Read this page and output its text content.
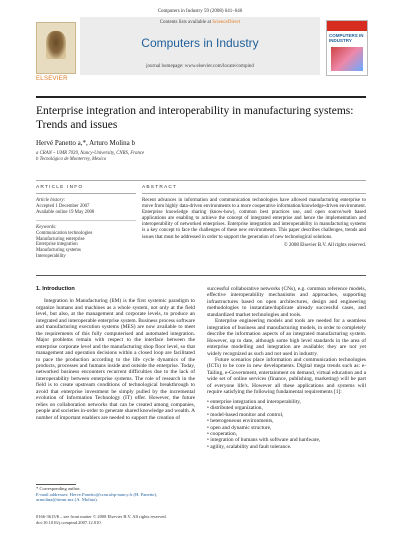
Computers in Industry 59 (2008) 641–646
ELSEVIER
Contents lists available at ScienceDirect
Computers in Industry
journal homepage: www.elsevier.com/locate/compind
COMPUTERS IN INDUSTRY
Enterprise integration and interoperability in manufacturing systems: Trends and issues
Hervé Panetto a,*, Arturo Molina b
a CRAN – UMR 7039, Nancy-University, CNRS, France
b Tecnológico de Monterrey, Mexico
ARTICLE INFO
Article history:
Accepted 1 December 2007
Available online 19 May 2008
Keywords:
Communication technologies
Manufacturing enterprise
Enterprise integration
Manufacturing systems
Interoperability
ABSTRACT
Recent advances in information and communication technologies have allowed manufacturing enterprise to move from highly data-driven environments to a more cooperative information/knowledge-driven environment. Enterprise knowledge sharing (know-how), common best practices use, and open source/web based applications are enabling to achieve the concept of integrated enterprise and hence the implementation and interoperability of networked enterprises. Enterprise integration and interoperability in manufacturing systems is a key concept to face the challenges of these new environments. This paper describes challenges, trends and issues that must be addressed in order to support the generation of new technological solutions.
© 2008 Elsevier B.V. All rights reserved.
1. Introduction

Integration in Manufacturing (IiM) is the first systemic paradigm to organize humans and machines as a whole system, not only at the field level, but also, at the management and corporate levels, to produce an integrated and interoperable enterprise system. Business process software and manufacturing execution systems (MES) are now available to meet the requirements of this fully computerised and automated integration. Major problems remain with respect to the interface between the enterprise corporate level and the manufacturing shop floor level, so that management and operation decisions within a closed loop are facilitated to pace the production according to the life cycle dynamics of the products, processes and humans inside and outside the enterprise. Today, networked business encounters recurrent difficulties due to the lack of interoperability between enterprise systems. The role of research in the field is to create upstream conditions of technological breakthrough to avoid that enterprise investment be simply pulled by the incremental evolution of Information Technology (IT) offer. However, the future relies on collaboration networks that can be created among companies, people and societies in-order to generate shared knowledge and wealth. A number of important enablers are needed to support the creation of

successful collaborative networks (CNs), e.g. common reference models, effective interoperability mechanisms and approaches, supporting infrastructures based on open architectures, design and engineering methodologies to instantiate/duplicate already successful cases, and standardized market technologies and tools.

Enterprise engineering models and tools are needed for a seamless integration of business and manufacturing models, in order to completely describe the information aspects of an integrated manufacturing system. However, up to date, although some high level standards in the area of enterprise modelling and integration are available; they are not yet widely recognized as such and not used in industry.

Future scenarios place information and communication technologies (ICTs) to be core in new developments. Digital mega trends such as: e-Tailing, e-Government, entertainment on demand, virtual education and a wide set of online services (finance, publishing, marketing) will be part of everyone life's. However all these applications and systems will require satisfying the following fundamental requirements [1]:

• enterprise integration and interoperability,
• distributed organization,
• model-based monitor and control,
• heterogeneous environments,
• open and dynamic structure,
• cooperation,
• integration of humans with software and hardware,
• agility, scalability and fault tolerance.
* Corresponding author.
E-mail addresses: Herve.Panetto@cran.uhp-nancy.fr (H. Panetto), armolina@itesm.mx (A. Molina).
0166-3615/$ – see front matter © 2008 Elsevier B.V. All rights reserved.
doi:10.1016/j.compind.2007.12.010
